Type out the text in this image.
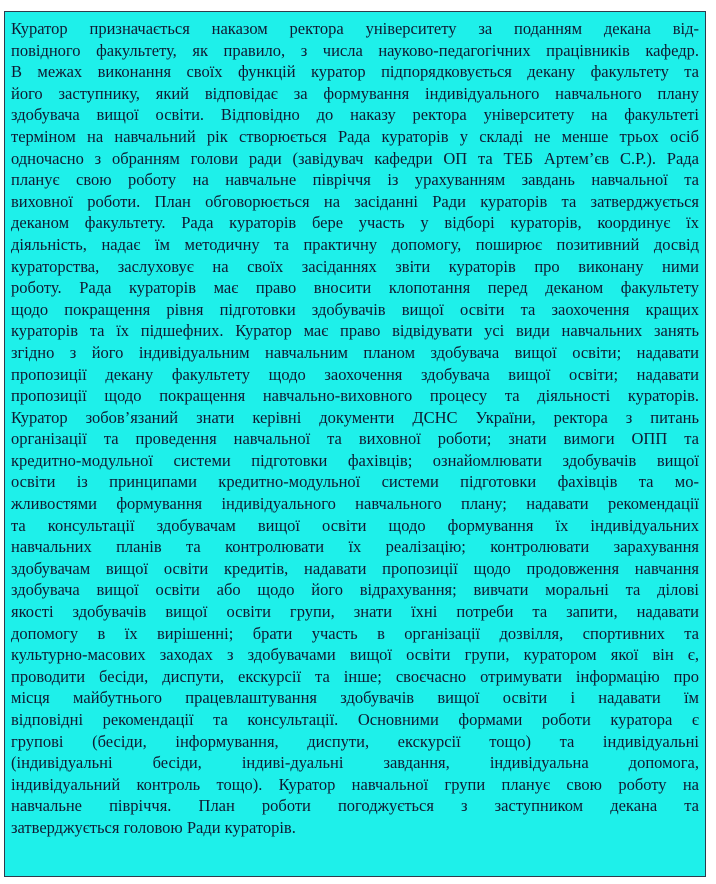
Куратор призначається наказом ректора університету за поданням декана від-
повідного факультету, як правило, з числа науково-педагогічних працівників кафедр.
В межах виконання своїх функцій куратор підпорядковується декану факультету та
його заступнику, який відповідає за формування індивідуального навчального плану
здобувача вищої освіти. Відповідно до наказу ректора університету на факультеті
терміном на навчальний рік створюється Рада кураторів у складі не менше трьох осіб
одночасно з обранням голови ради (завідувач кафедри ОП та ТЕБ Артем’єв С.Р.). Рада
планує свою роботу на навчальне півріччя із урахуванням завдань навчальної та
виховної роботи. План обговорюється на засіданні Ради кураторів та затверджується
деканом факультету. Рада кураторів бере участь у відборі кураторів, координує їх
діяльність, надає їм методичну та практичну допомогу, поширює позитивний досвід
кураторства, заслуховує на своїх засіданнях звіти кураторів про виконану ними
роботу. Рада кураторів має право вносити клопотання перед деканом факультету
щодо покращення рівня підготовки здобувачів вищої освіти та заохочення кращих
кураторів та їх підшефних. Куратор має право відвідувати усі види навчальних занять
згідно з його індивідуальним навчальним планом здобувача вищої освіти; надавати
пропозиції декану факультету щодо заохочення здобувача вищої освіти; надавати
пропозиції щодо покращення навчально-виховного процесу та діяльності кураторів.
Куратор зобов’язаний знати керівні документи ДСНС України, ректора з питань
організації та проведення навчальної та виховної роботи; знати вимоги ОПП та
кредитно-модульної системи підготовки фахівців; ознайомлювати здобувачів вищої
освіти із принципами кредитно-модульної системи підготовки фахівців та мо-
жливостями формування індивідуального навчального плану; надавати рекомендації
та консультації здобувачам вищої освіти щодо формування їх індивідуальних
навчальних планів та контролювати їх реалізацію; контролювати зарахування
здобувачам вищої освіти кредитів, надавати пропозиції щодо продовження навчання
здобувача вищої освіти або щодо його відрахування; вивчати моральні та ділові
якості здобувачів вищої освіти групи, знати їхні потреби та запити, надавати
допомогу в їх вирішенні; брати участь в організації дозвілля, спортивних та
культурно-масових заходах з здобувачами вищої освіти групи, куратором якої він є,
проводити бесіди, диспути, екскурсії та інше; своєчасно отримувати інформацію про
місця майбутнього працевлаштування здобувачів вищої освіти і надавати їм
відповідні рекомендації та консультації. Основними формами роботи куратора є
групові (бесіди, інформування, диспути, екскурсії тощо) та індивідуальні
(індивідуальні бесіди, індиві-дуальні завдання, індивідуальна допомога,
індивідуальний контроль тощо). Куратор навчальної групи планує свою роботу на
навчальне півріччя. План роботи погоджується з заступником декана та
затверджується головою Ради кураторів.
